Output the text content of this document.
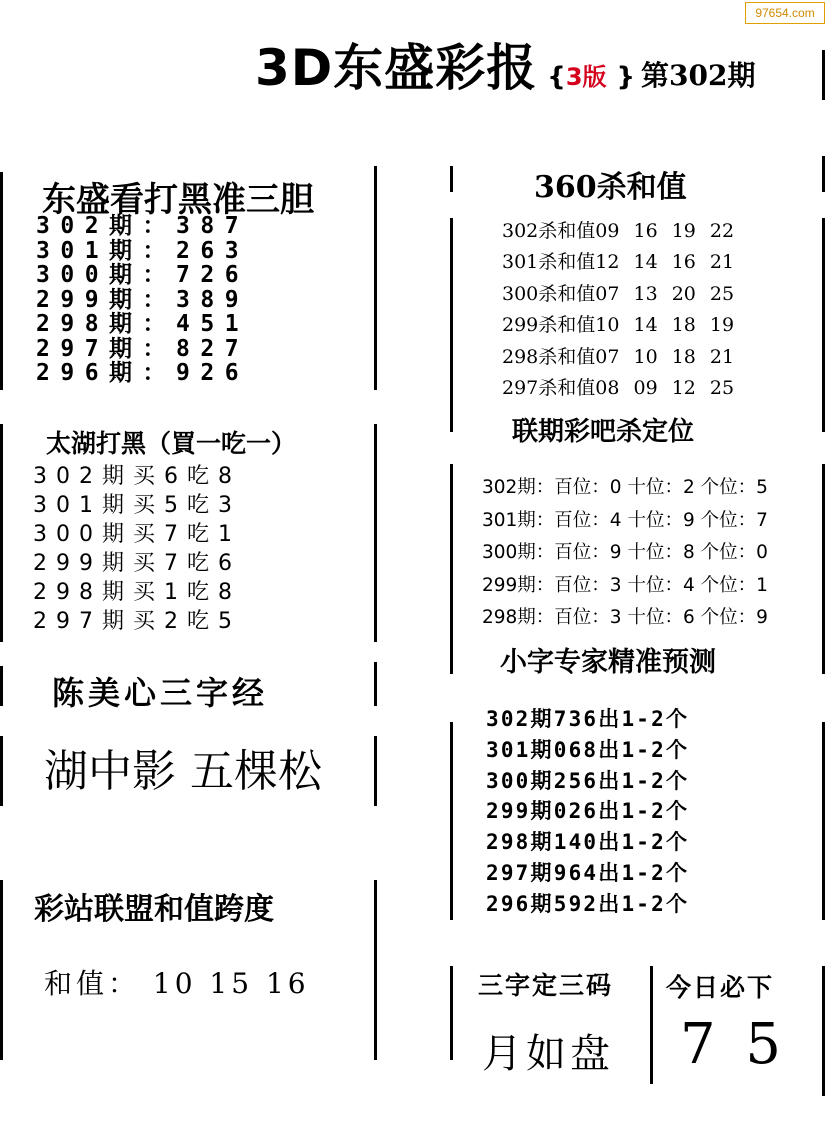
97654.com
3D东盛彩报 { 3版 } 第302期
东盛看打黑准三胆
302期：387
301期：263
300期：726
299期：389
298期：451
297期：827
296期：926
太湖打黑（買一吃一）
302期买6吃8
301期买5吃3
300期买7吃1
299期买7吃6
298期买1吃8
297期买2吃5
陈美心三字经
湖中影 五棵松
彩站联盟和值跨度
和值： 10 15 16
360杀和值
302杀和值09 16 19 22
301杀和值12 14 16 21
300杀和值07 13 20 25
299杀和值10 14 18 19
298杀和值07 10 18 21
297杀和值08 09 12 25
联期彩吧杀定位
302期：百位：0 十位：2 个位：5
301期：百位：4 十位：9 个位：7
300期：百位：9 十位：8 个位：0
299期：百位：3 十位：4 个位：1
298期：百位：3 十位：6 个位：9
小字专家精准预测
302期736出1-2个
301期068出1-2个
300期256出1-2个
299期026出1-2个
298期140出1-2个
297期964出1-2个
296期592出1-2个
三字定三码
月如盘
今日必下
7 5
